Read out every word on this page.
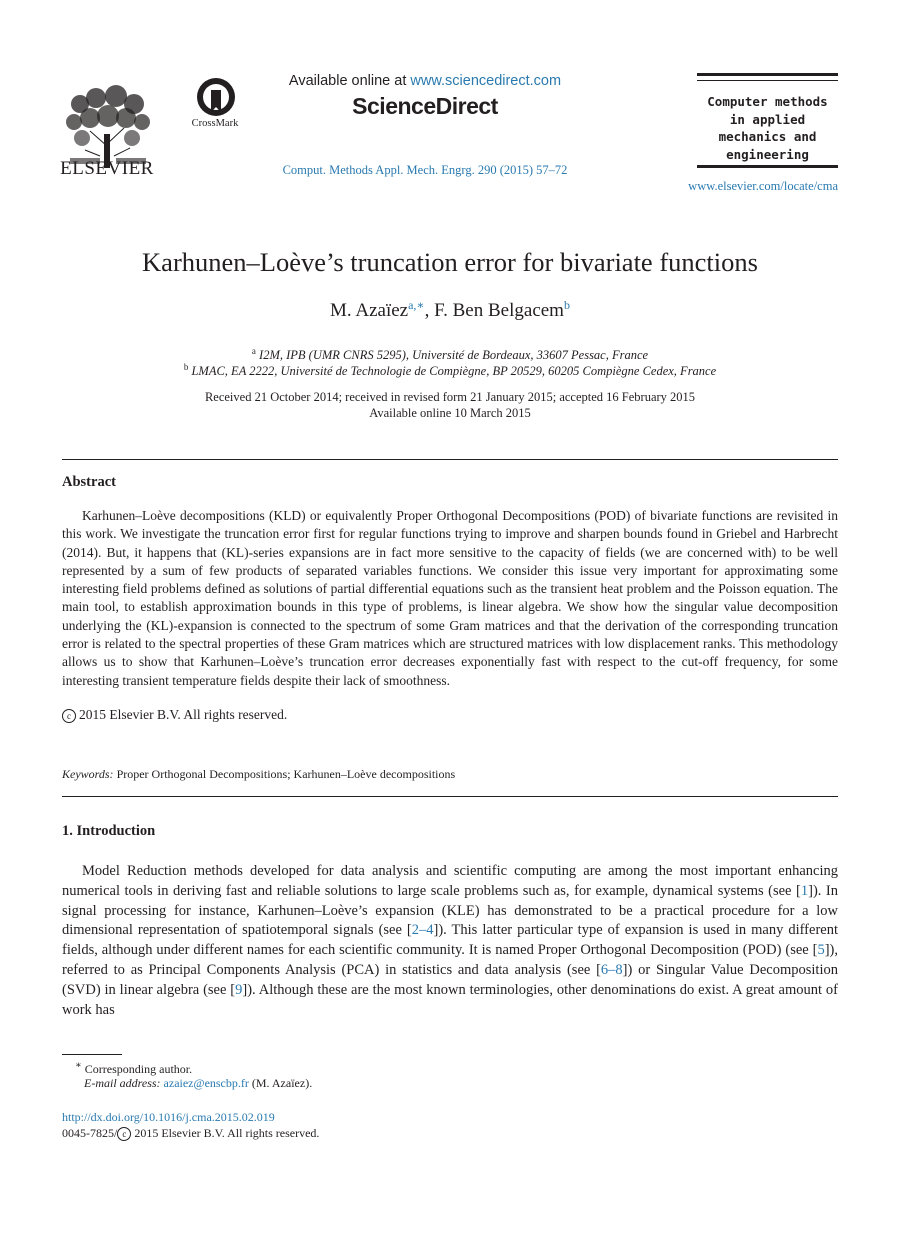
ELSEVIER
CrossMark
Available online at www.sciencedirect.com
ScienceDirect
Comput. Methods Appl. Mech. Engrg. 290 (2015) 57–72
Computer methods
in applied
mechanics and
engineering
www.elsevier.com/locate/cma
Karhunen–Loève’s truncation error for bivariate functions
M. Azaïez$^{a,∗}$, F. Ben Belgacem$^b$
$^a$ I2M, IPB (UMR CNRS 5295), Université de Bordeaux, 33607 Pessac, France
$^b$ LMAC, EA 2222, Université de Technologie de Compiègne, BP 20529, 60205 Compiègne Cedex, France
Received 21 October 2014; received in revised form 21 January 2015; accepted 16 February 2015
Available online 10 March 2015
Abstract

Karhunen–Loève decompositions (KLD) or equivalently Proper Orthogonal Decompositions (POD) of bivariate functions are revisited in this work. We investigate the truncation error first for regular functions trying to improve and sharpen bounds found in Griebel and Harbrecht (2014). But, it happens that (KL)-series expansions are in fact more sensitive to the capacity of fields (we are concerned with) to be well represented by a sum of few products of separated variables functions. We consider this issue very important for approximating some interesting field problems defined as solutions of partial differential equations such as the transient heat problem and the Poisson equation. The main tool, to establish approximation bounds in this type of problems, is linear algebra. We show how the singular value decomposition underlying the (KL)-expansion is connected to the spectrum of some Gram matrices and that the derivation of the corresponding truncation error is related to the spectral properties of these Gram matrices which are structured matrices with low displacement ranks. This methodology allows us to show that Karhunen–Loève’s truncation error decreases exponentially fast with respect to the cut-off frequency, for some interesting transient temperature fields despite their lack of smoothness.

c 2015 Elsevier B.V. All rights reserved.
Keywords: Proper Orthogonal Decompositions; Karhunen–Loève decompositions
1. Introduction

Model Reduction methods developed for data analysis and scientific computing are among the most important enhancing numerical tools in deriving fast and reliable solutions to large scale problems such as, for example, dynamical systems (see [1]). In signal processing for instance, Karhunen–Loève’s expansion (KLE) has demonstrated to be a practical procedure for a low dimensional representation of spatiotemporal signals (see [2–4]). This latter particular type of expansion is used in many different fields, although under different names for each scientific community. It is named Proper Orthogonal Decomposition (POD) (see [5]), referred to as Principal Components Analysis (PCA) in statistics and data analysis (see [6–8]) or Singular Value Decomposition (SVD) in linear algebra (see [9]). Although these are the most known terminologies, other denominations do exist. A great amount of work has

∗ Corresponding author.
E-mail address: azaiez@enscbp.fr (M. Azaïez).
http://dx.doi.org/10.1016/j.cma.2015.02.019
0045-7825/ c 2015 Elsevier B.V. All rights reserved.
